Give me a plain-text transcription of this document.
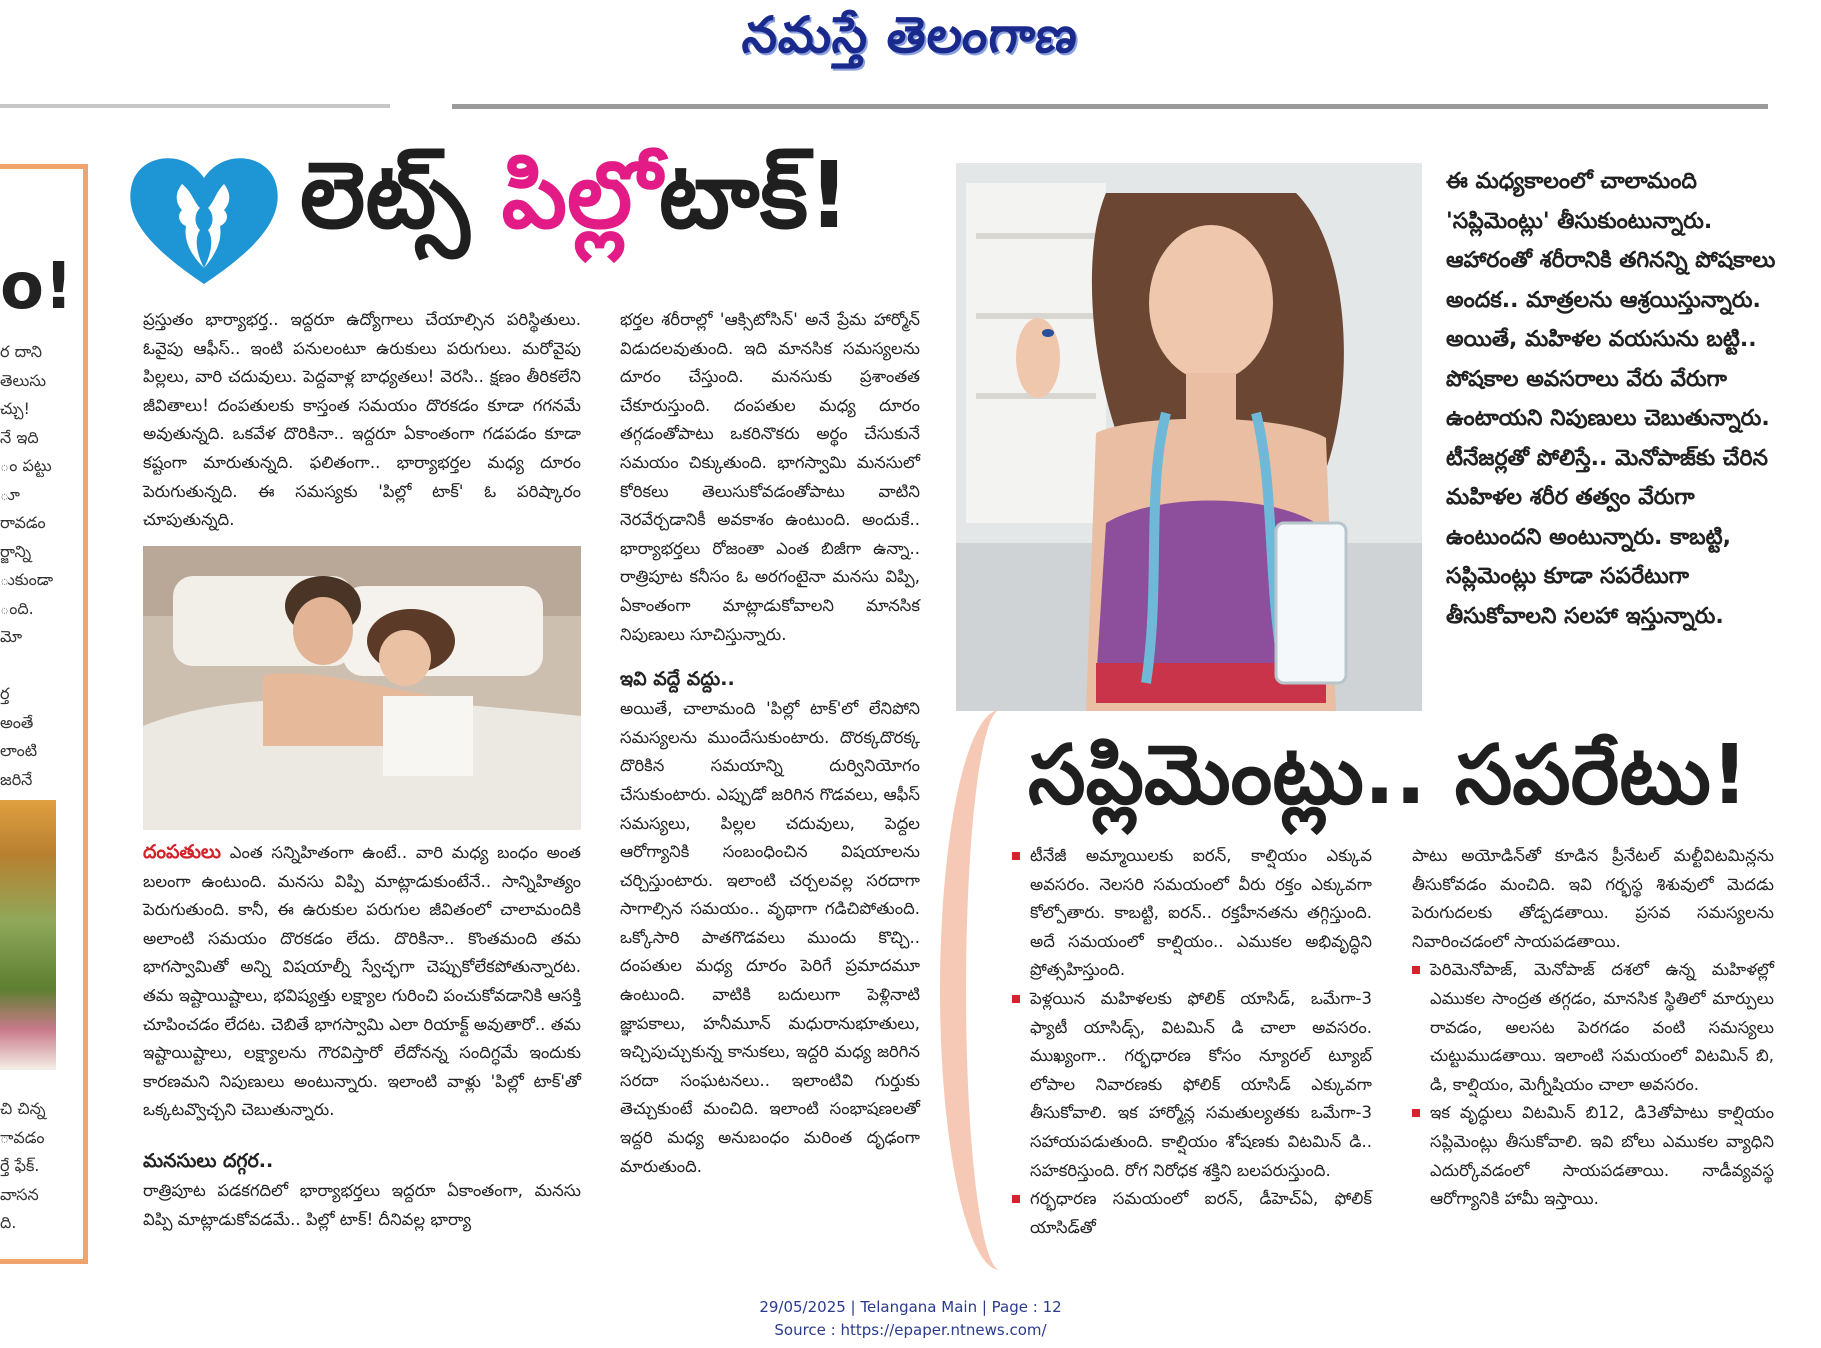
నమస్తే తెలంగాణ
o!
ర దాని
తెలుసు
చ్చు!
నే ఇది
ం పట్టు
ూ రావడం
ర్జాన్ని
ుకుండా
ంది.
మో
ర్త
అంతే
లాంటి
జరినే
చి చిన్న
ావడం
ర్తే ఫేక్.
వాసన
ది.
లెట్స్ పిల్లోటాక్!

ప్రస్తుతం భార్యాభర్త.. ఇద్దరూ ఉద్యోగాలు చేయాల్సిన పరిస్థితులు. ఓవైపు ఆఫీస్.. ఇంటి పనులంటూ ఉరుకులు పరుగులు. మరోవైపు పిల్లలు, వారి చదువులు. పెద్దవాళ్ల బాధ్యతలు! వెరసి.. క్షణం తీరికలేని జీవితాలు! దంపతులకు కాస్తంత సమయం దొరకడం కూడా గగనమే అవుతున్నది. ఒకవేళ దొరికినా.. ఇద్దరూ ఏకాంతంగా గడపడం కూడా కష్టంగా మారుతున్నది. ఫలితంగా.. భార్యాభర్తల మధ్య దూరం పెరుగుతున్నది. ఈ సమస్యకు 'పిల్లో టాక్' ఓ పరిష్కారం చూపుతున్నది.

దంపతులు ఎంత సన్నిహితంగా ఉంటే.. వారి మధ్య బంధం అంత బలంగా ఉంటుంది. మనసు విప్పి మాట్లాడుకుంటేనే.. సాన్నిహిత్యం పెరుగుతుంది. కానీ, ఈ ఉరుకుల పరుగుల జీవితంలో చాలామందికి అలాంటి సమయం దొరకడం లేదు. దొరికినా.. కొంతమంది తమ భాగస్వామితో అన్ని విషయాల్నీ స్వేచ్ఛగా చెప్పుకోలేకపోతున్నారట. తమ ఇష్టాయిష్టాలు, భవిష్యత్తు లక్ష్యాల గురించి పంచుకోవడానికి ఆసక్తి చూపించడం లేదట. చెబితే భాగస్వామి ఎలా రియాక్ట్ అవుతారో.. తమ ఇష్టాయిష్టాలు, లక్ష్యాలను గౌరవిస్తారో లేదోనన్న సందిగ్ధమే ఇందుకు కారణమని నిపుణులు అంటున్నారు. ఇలాంటి వాళ్లు 'పిల్లో టాక్'తో ఒక్కటవ్వొచ్చని చెబుతున్నారు.

మనసులు దగ్గర..

రాత్రిపూట పడకగదిలో భార్యాభర్తలు ఇద్దరూ ఏకాంతంగా, మనసు విప్పి మాట్లాడుకోవడమే.. పిల్లో టాక్! దీనివల్ల భార్యా

భర్తల శరీరాల్లో 'ఆక్సిటోసిన్' అనే ప్రేమ హార్మోన్ విడుదలవుతుంది. ఇది మానసిక సమస్యలను దూరం చేస్తుంది. మనసుకు ప్రశాంతత చేకూరుస్తుంది. దంపతుల మధ్య దూరం తగ్గడంతోపాటు ఒకరినొకరు అర్థం చేసుకునే సమయం చిక్కుతుంది. భాగస్వామి మనసులో కోరికలు తెలుసుకోవడంతోపాటు వాటిని నెరవేర్చడానికీ అవకాశం ఉంటుంది. అందుకే.. భార్యాభర్తలు రోజంతా ఎంత బిజీగా ఉన్నా.. రాత్రిపూట కనీసం ఓ అరగంటైనా మనసు విప్పి, ఏకాంతంగా మాట్లాడుకోవాలని మానసిక నిపుణులు సూచిస్తున్నారు.

ఇవి వద్దే వద్దు..

అయితే, చాలామంది 'పిల్లో టాక్'లో లేనిపోని సమస్యలను ముందేసుకుంటారు. దొరక్కదొరక్క దొరికిన సమయాన్ని దుర్వినియోగం చేసుకుంటారు. ఎప్పుడో జరిగిన గొడవలు, ఆఫీస్ సమస్యలు, పిల్లల చదువులు, పెద్దల ఆరోగ్యానికి సంబంధించిన విషయాలను చర్చిస్తుంటారు. ఇలాంటి చర్చలవల్ల సరదాగా సాగాల్సిన సమయం.. వృథాగా గడిచిపోతుంది. ఒక్కోసారి పాతగొడవలు ముందు కొచ్చి.. దంపతుల మధ్య దూరం పెరిగే ప్రమాదమూ ఉంటుంది. వాటికి బదులుగా పెళ్లినాటి జ్ఞాపకాలు, హనీమూన్ మధురానుభూతులు, ఇచ్చిపుచ్చుకున్న కానుకలు, ఇద్దరి మధ్య జరిగిన సరదా సంఘటనలు.. ఇలాంటివి గుర్తుకు తెచ్చుకుంటే మంచిది. ఇలాంటి సంభాషణలతో ఇద్దరి మధ్య అనుబంధం మరింత దృఢంగా మారుతుంది.

ఈ మధ్యకాలంలో చాలామంది 'సప్లిమెంట్లు' తీసుకుంటున్నారు. ఆహారంతో శరీరానికి తగినన్ని పోషకాలు అందక.. మాత్రలను ఆశ్రయిస్తున్నారు. అయితే, మహిళల వయసును బట్టి.. పోషకాల అవసరాలు వేరు వేరుగా ఉంటాయని నిపుణులు చెబుతున్నారు. టీనేజర్లతో పోలిస్తే.. మెనోపాజ్‌కు చేరిన మహిళల శరీర తత్వం వేరుగా ఉంటుందని అంటున్నారు. కాబట్టి, సప్లిమెంట్లు కూడా సపరేటుగా తీసుకోవాలని సలహా ఇస్తున్నారు.
సప్లిమెంట్లు.. సపరేటు!
టీనేజీ అమ్మాయిలకు ఐరన్, కాల్షియం ఎక్కువ అవసరం. నెలసరి సమయంలో వీరు రక్తం ఎక్కువగా కోల్పోతారు. కాబట్టి, ఐరన్.. రక్తహీనతను తగ్గిస్తుంది. అదే సమయంలో కాల్షియం.. ఎముకల అభివృద్ధిని ప్రోత్సహిస్తుంది.
పెళ్లయిన మహిళలకు ఫోలిక్ యాసిడ్, ఒమేగా-3 ఫ్యాటీ యాసిడ్స్, విటమిన్ డి చాలా అవసరం. ముఖ్యంగా.. గర్భధారణ కోసం న్యూరల్ ట్యూబ్ లోపాల నివారణకు ఫోలిక్ యాసిడ్ ఎక్కువగా తీసుకోవాలి. ఇక హార్మోన్ల సమతుల్యతకు ఒమేగా-3 సహాయపడుతుంది. కాల్షియం శోషణకు విటమిన్ డి.. సహకరిస్తుంది. రోగ నిరోధక శక్తిని బలపరుస్తుంది.
గర్భధారణ సమయంలో ఐరన్, డీహెచ్ఏ, ఫోలిక్ యాసిడ్‌తో

పాటు అయోడిన్‌తో కూడిన ప్రీనేటల్ మల్టీవిటమిన్లను తీసుకోవడం మంచిది. ఇవి గర్భస్థ శిశువులో మెదడు పెరుగుదలకు తోడ్పడతాయి. ప్రసవ సమస్యలను నివారించడంలో సాయపడతాయి.

పెరిమెనోపాజ్, మెనోపాజ్ దశలో ఉన్న మహిళల్లో ఎముకల సాంద్రత తగ్గడం, మానసిక స్థితిలో మార్పులు రావడం, అలసట పెరగడం వంటి సమస్యలు చుట్టుముడతాయి. ఇలాంటి సమయంలో విటమిన్ బి, డి, కాల్షియం, మెగ్నీషియం చాలా అవసరం.
ఇక వృద్ధులు విటమిన్ బి12, డి3తోపాటు కాల్షియం సప్లిమెంట్లు తీసుకోవాలి. ఇవి బోలు ఎముకల వ్యాధిని ఎదుర్కోవడంలో సాయపడతాయి. నాడీవ్యవస్థ ఆరోగ్యానికి హామీ ఇస్తాయి.
29/05/2025 | Telangana Main | Page : 12
Source : https://epaper.ntnews.com/
